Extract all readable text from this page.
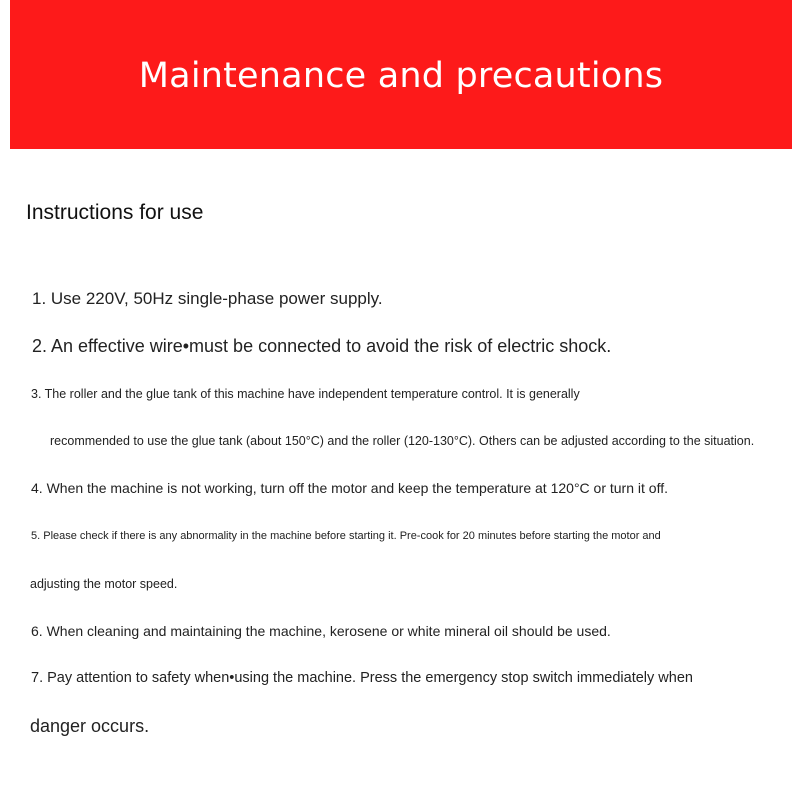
Maintenance and precautions
Instructions for use

1. Use 220V, 50Hz single-phase power supply.

2. An effective wire•must be connected to avoid the risk of electric shock.

3. The roller and the glue tank of this machine have independent temperature control. It is generally

recommended to use the glue tank (about 150°C) and the roller (120-130°C). Others can be adjusted according to the situation.

4. When the machine is not working, turn off the motor and keep the temperature at 120°C or turn it off.

5. Please check if there is any abnormality in the machine before starting it. Pre-cook for 20 minutes before starting the motor and

adjusting the motor speed.

6. When cleaning and maintaining the machine, kerosene or white mineral oil should be used.

7. Pay attention to safety when•using the machine. Press the emergency stop switch immediately when

danger occurs.
